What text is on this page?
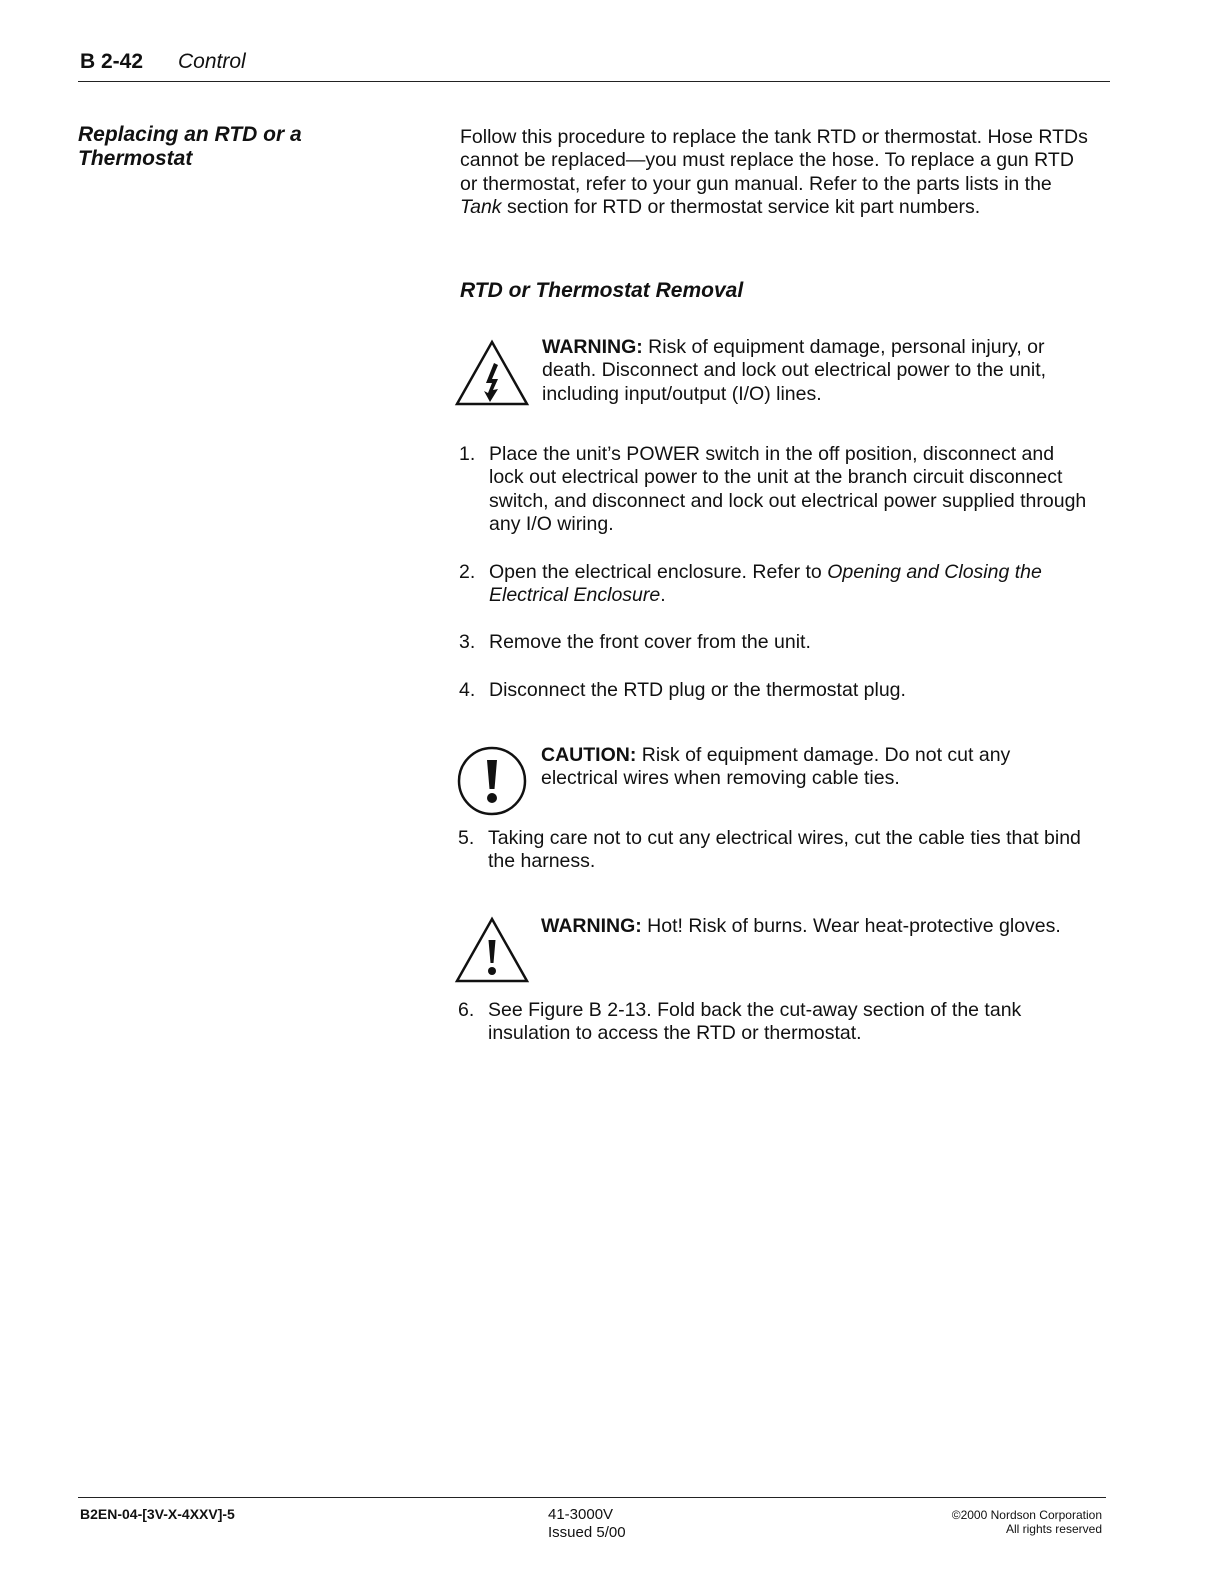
B 2-42 Control
Replacing an RTD or a
Thermostat
Follow this procedure to replace the tank RTD or thermostat. Hose RTDs
cannot be replaced—you must replace the hose. To replace a gun RTD
or thermostat, refer to your gun manual. Refer to the parts lists in the
Tank section for RTD or thermostat service kit part numbers.
RTD or Thermostat Removal
WARNING: Risk of equipment damage, personal injury, or
death. Disconnect and lock out electrical power to the unit,
including input/output (I/O) lines.
1. Place the unit’s POWER switch in the off position, disconnect and
lock out electrical power to the unit at the branch circuit disconnect
switch, and disconnect and lock out electrical power supplied through
any I/O wiring.
2. Open the electrical enclosure. Refer to Opening and Closing the
Electrical Enclosure.
3. Remove the front cover from the unit.
4. Disconnect the RTD plug or the thermostat plug.
CAUTION: Risk of equipment damage. Do not cut any
electrical wires when removing cable ties.
5. Taking care not to cut any electrical wires, cut the cable ties that bind
the harness.
WARNING: Hot! Risk of burns. Wear heat-protective gloves.
6. See Figure B 2-13. Fold back the cut-away section of the tank
insulation to access the RTD or thermostat.
B2EN-04-[3V-X-4XXV]-5	41-3000V
Issued 5/00
©2000 Nordson Corporation
All rights reserved
